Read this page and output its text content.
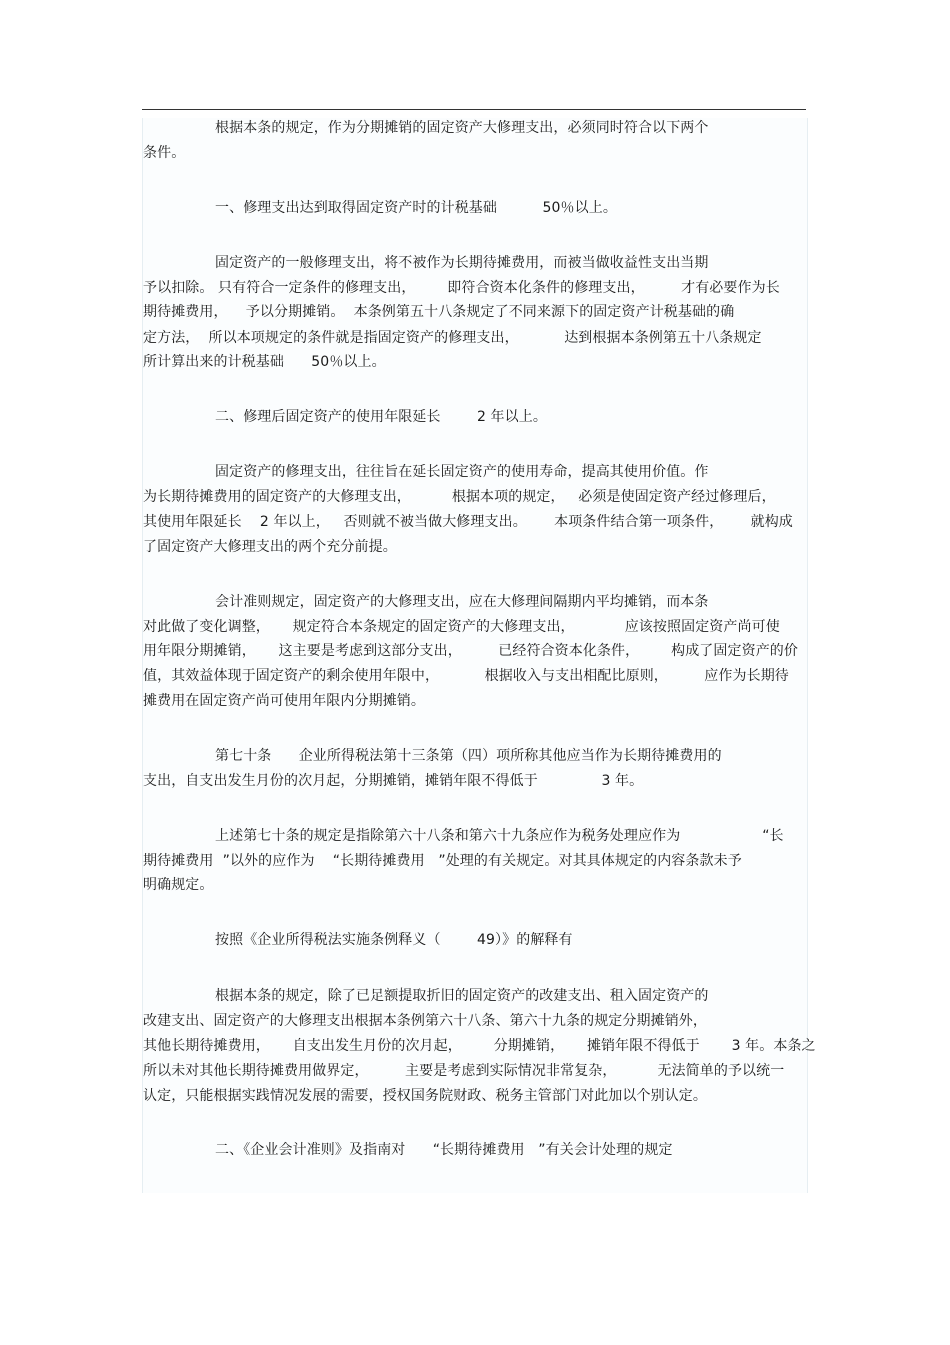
根据本条的规定，作为分期摊销的固定资产大修理支出，必须同时符合以下两个
条件。
一、修理支出达到取得固定资产时的计税基础          50％以上。
固定资产的一般修理支出，将不被作为长期待摊费用，而被当做收益性支出当期
予以扣除。 只有符合一定条件的修理支出，       即符合资本化条件的修理支出，        才有必要作为长
期待摊费用，    予以分期摊销。  本条例第五十八条规定了不同来源下的固定资产计税基础的确
定方法，  所以本项规定的条件就是指固定资产的修理支出，          达到根据本条例第五十八条规定
所计算出来的计税基础      50％以上。
二、修理后固定资产的使用年限延长        2 年以上。
固定资产的修理支出，往往旨在延长固定资产的使用寿命，提高其使用价值。作
为长期待摊费用的固定资产的大修理支出，         根据本项的规定，   必须是使固定资产经过修理后，
其使用年限延长    2 年以上，   否则就不被当做大修理支出。      本项条件结合第一项条件，      就构成
了固定资产大修理支出的两个充分前提。
会计准则规定，固定资产的大修理支出，应在大修理间隔期内平均摊销，而本条
对此做了变化调整，     规定符合本条规定的固定资产的大修理支出，           应该按照固定资产尚可使
用年限分期摊销，     这主要是考虑到这部分支出，        已经符合资本化条件，       构成了固定资产的价
值，其效益体现于固定资产的剩余使用年限中，          根据收入与支出相配比原则，        应作为长期待
摊费用在固定资产尚可使用年限内分期摊销。
第七十条      企业所得税法第十三条第（四）项所称其他应当作为长期待摊费用的
支出，自支出发生月份的次月起，分期摊销，摊销年限不得低于              3 年。
上述第七十条的规定是指除第六十八条和第六十九条应作为税务处理应作为                  “长
期待摊费用  ”以外的应作为    “长期待摊费用   ”处理的有关规定。对其具体规定的内容条款未予
明确规定。
按照《企业所得税法实施条例释义（        49）》的解释有
根据本条的规定，除了已足额提取折旧的固定资产的改建支出、租入固定资产的
改建支出、固定资产的大修理支出根据本条例第六十八条、第六十九条的规定分期摊销外，
其他长期待摊费用，     自支出发生月份的次月起，       分期摊销，     摊销年限不得低于       3 年。本条之
所以未对其他长期待摊费用做界定，        主要是考虑到实际情况非常复杂，         无法简单的予以统一
认定，只能根据实践情况发展的需要，授权国务院财政、税务主管部门对此加以个别认定。
二、《企业会计准则》及指南对      “长期待摊费用   ”有关会计处理的规定
